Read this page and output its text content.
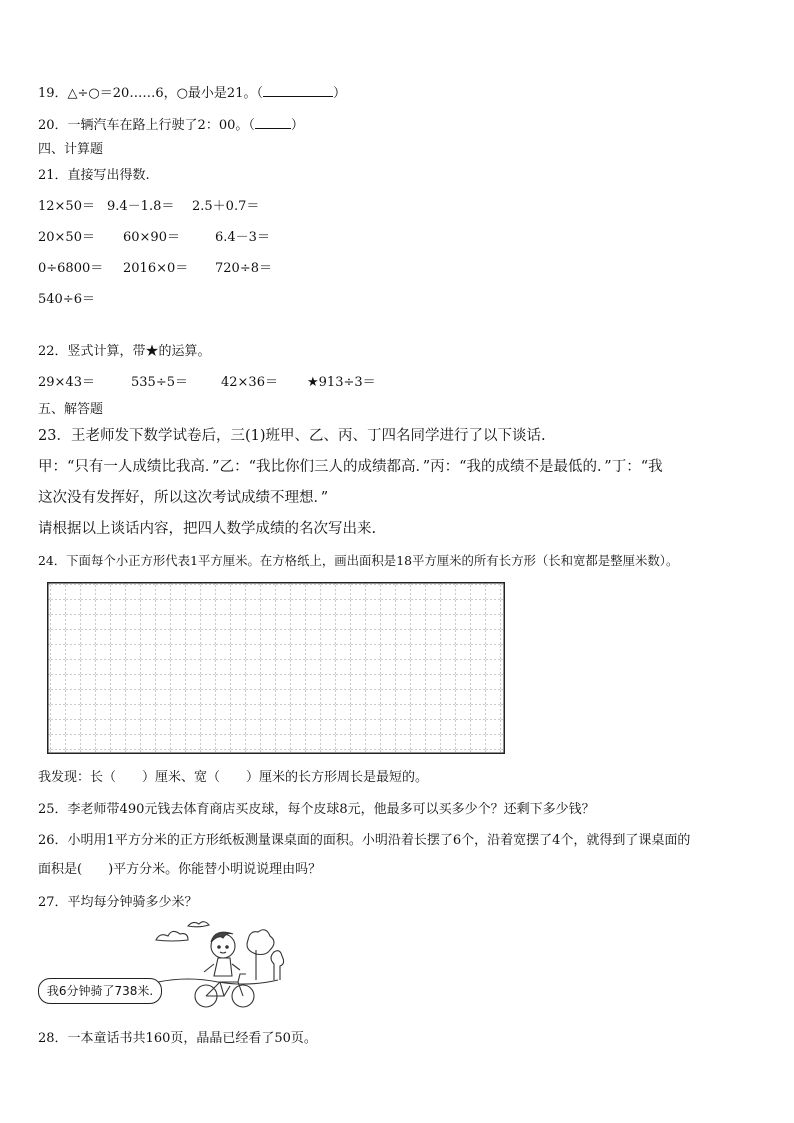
19．△÷○＝20……6，○最小是21。（	）
20．一辆汽车在路上行驶了2：00。（	）
四、计算题
21．直接写出得数.
12×50＝ 9.4－1.8＝ 2.5＋0.7＝
20×50＝ 60×90＝	6.4－3＝
0÷6800＝ 2016×0＝ 720÷8＝
540÷6＝
22．竖式计算，带★的运算。
29×43＝	535÷5＝	42×36＝ ★913÷3＝
五、解答题
23．王老师发下数学试卷后，三(1)班甲、乙、丙、丁四名同学进行了以下谈话.
甲：“只有一人成绩比我高．”乙：“我比你们三人的成绩都高．”丙：“我的成绩不是最低的．”丁：“我
这次没有发挥好，所以这次考试成绩不理想．”
请根据以上谈话内容，把四人数学成绩的名次写出来.
24．下面每个小正方形代表1平方厘米。在方格纸上，画出面积是18平方厘米的所有长方形（长和宽都是整厘米数）。
我发现：长（　　）厘米、宽（　　）厘米的长方形周长是最短的。
25．李老师带490元钱去体育商店买皮球，每个皮球8元，他最多可以买多少个？还剩下多少钱？
26．小明用1平方分米的正方形纸板测量课桌面的面积。小明沿着长摆了6个，沿着宽摆了4个，就得到了课桌面的
面积是(　　)平方分米。你能替小明说说理由吗？
27．平均每分钟骑多少米？
我6分钟骑了738米.
28．一本童话书共160页，晶晶已经看了50页。
